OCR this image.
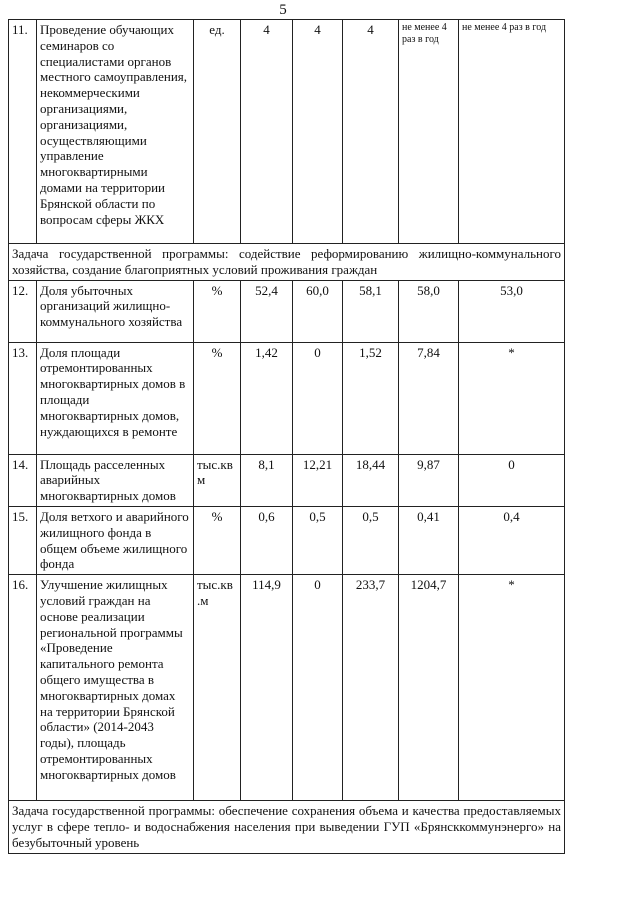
5
11.	Проведение обучающих семинаров со специалистами органов местного самоуправления, некоммерческими организациями, организациями, осуществляющими управление многоквартирными домами на территории Брянской области по вопросам сферы ЖКХ	ед.	4	4	4	не менее 4 раз в год	не менее 4 раз в год
Задача государственной программы: содействие реформированию жилищно-коммунального хозяйства, создание благоприятных условий проживания граждан							
12.	Доля убыточных организаций жилищно-коммунального хозяйства	%	52,4	60,0	58,1	58,0	53,0
13.	Доля площади отремонтированных многоквартирных домов в площади многоквартирных домов, нуждающихся в ремонте	%	1,42	0	1,52	7,84	*
14.	Площадь расселенных аварийных многоквартирных домов	тыс.кв м	8,1	12,21	18,44	9,87	0
15.	Доля ветхого и аварийного жилищного фонда в общем объеме жилищного фонда	%	0,6	0,5	0,5	0,41	0,4
16.	Улучшение жилищных условий граждан на основе реализации региональной программы «Проведение капитального ремонта общего имущества в многоквартирных домах на территории Брянской области» (2014-2043 годы), площадь отремонтированных многоквартирных домов	тыс.кв .м	114,9	0	233,7	1204,7	*
Задача государственной программы: обеспечение сохранения объема и качества предоставляемых услуг в сфере тепло- и водоснабжения населения при выведении ГУП «Брянсккоммунэнерго» на безубыточный уровень							
